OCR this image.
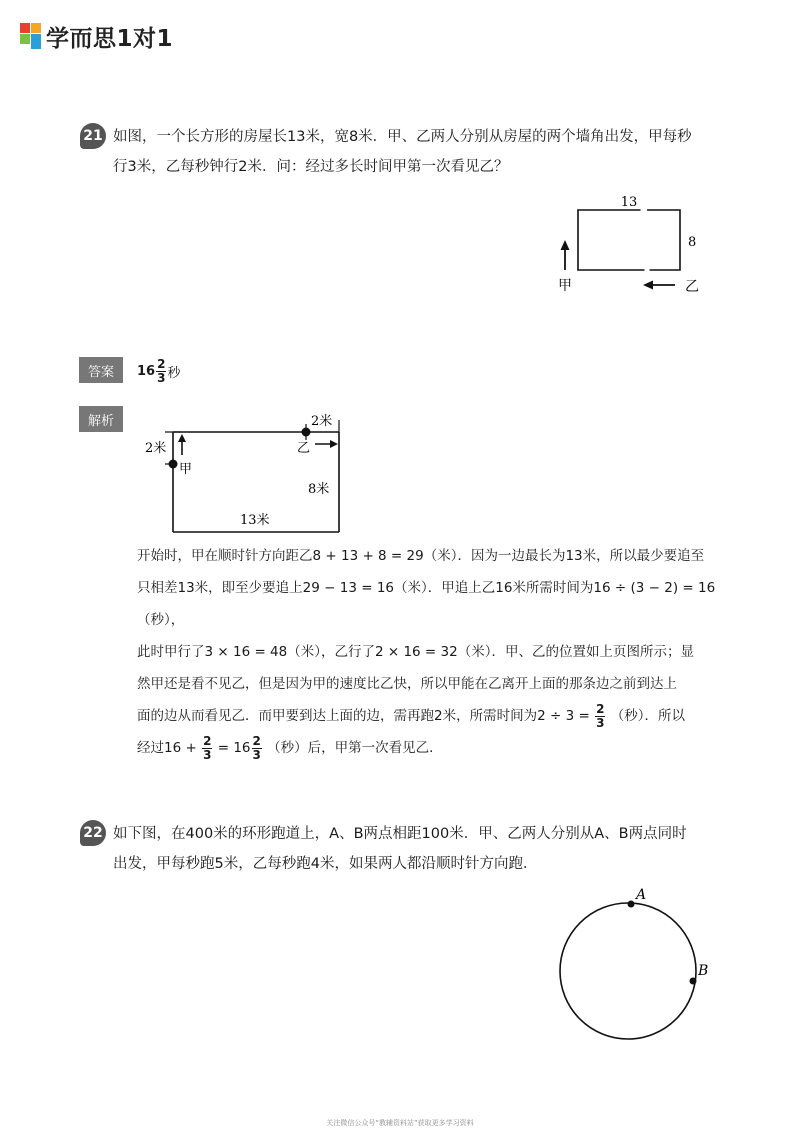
学而思1对1
21 如图，一个长方形的房屋长13米，宽8米．甲、乙两人分别从房屋的两个墙角出发，甲每秒
行3米，乙每秒钟行2米．问：经过多长时间甲第一次看见乙？
13
8
甲	乙
答案	$16 \frac{2}{3}$ 秒
解析
2米
甲
2米
乙
8米
13米

开始时，甲在顺时针方向距乙8 + 13 + 8 = 29（米）．因为一边最长为13米，所以最少要追至

只相差13米，即至少要追上29 − 13 = 16（米）．甲追上乙16米所需时间为16 ÷ (3 − 2) = 16

（秒），

此时甲行了3 × 16 = 48（米），乙行了2 × 16 = 32（米）．甲、乙的位置如上页图所示；显

然甲还是看不见乙，但是因为甲的速度比乙快，所以甲能在乙离开上面的那条边之前到达上

面的边从而看见乙．而甲要到达上面的边，需再跑2米，所需时间为$2 \div 3 = \frac{2}{3}$ （秒）．所以

经过$16 + \frac{2}{3} = 16 \frac{2}{3}$ （秒）后，甲第一次看见乙．

22 如下图，在400米的环形跑道上，A、B两点相距100米．甲、乙两人分别从A、B两点同时
出发，甲每秒跑5米，乙每秒跑4米，如果两人都沿顺时针方向跑．
A
B
关注微信公众号“教辅资料站”获取更多学习资料
